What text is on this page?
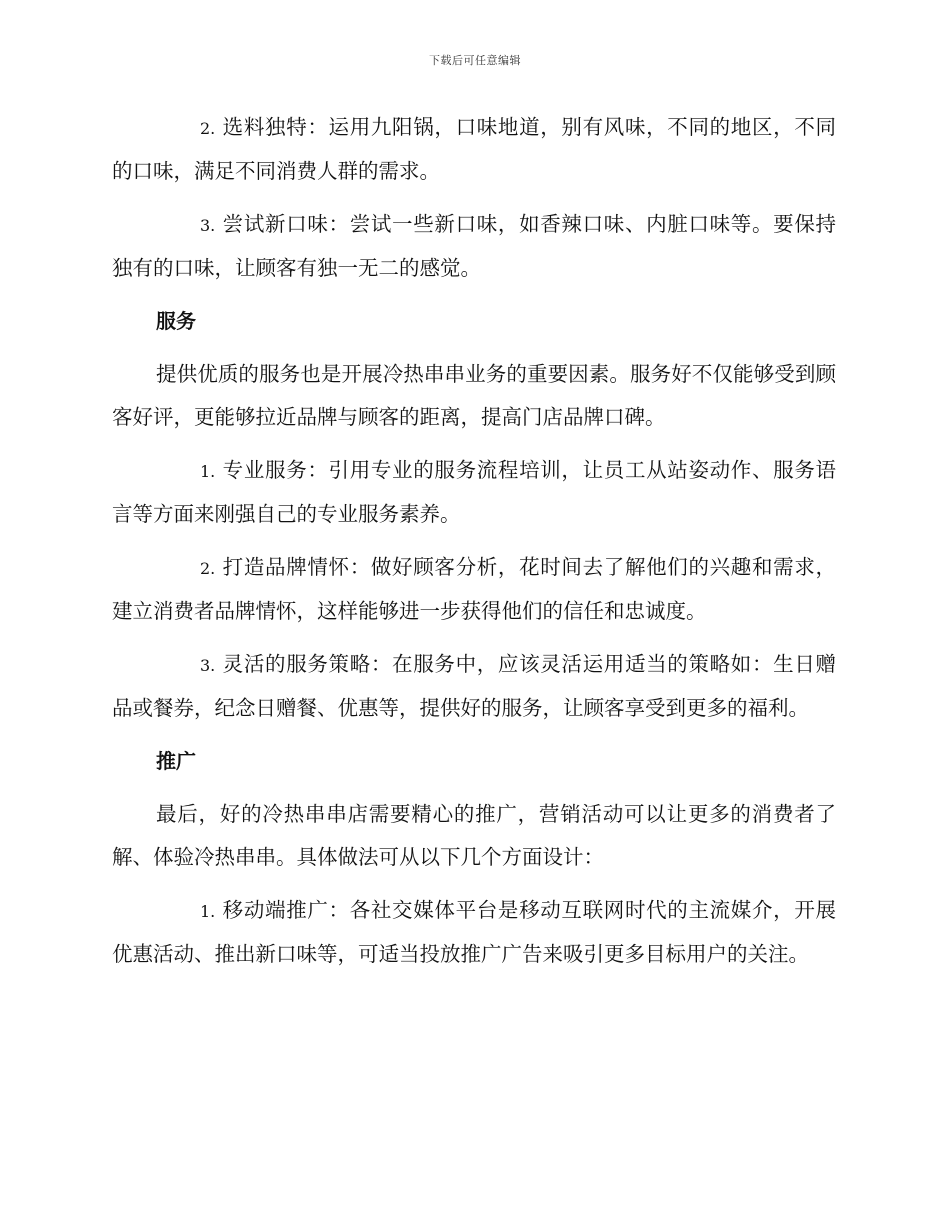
下载后可任意编辑

2. 选料独特：运用九阳锅，口味地道，别有风味，不同的地区，不同的口味，满足不同消费人群的需求。

3. 尝试新口味：尝试一些新口味，如香辣口味、内脏口味等。要保持独有的口味，让顾客有独一无二的感觉。

服务

提供优质的服务也是开展冷热串串业务的重要因素。服务好不仅能够受到顾客好评，更能够拉近品牌与顾客的距离，提高门店品牌口碑。

1. 专业服务：引用专业的服务流程培训，让员工从站姿动作、服务语言等方面来刚强自己的专业服务素养。

2. 打造品牌情怀：做好顾客分析，花时间去了解他们的兴趣和需求，建立消费者品牌情怀，这样能够进一步获得他们的信任和忠诚度。

3. 灵活的服务策略：在服务中，应该灵活运用适当的策略如：生日赠品或餐券，纪念日赠餐、优惠等，提供好的服务，让顾客享受到更多的福利。

推广

最后，好的冷热串串店需要精心的推广，营销活动可以让更多的消费者了解、体验冷热串串。具体做法可从以下几个方面设计：

1. 移动端推广：各社交媒体平台是移动互联网时代的主流媒介，开展优惠活动、推出新口味等，可适当投放推广广告来吸引更多目标用户的关注。
